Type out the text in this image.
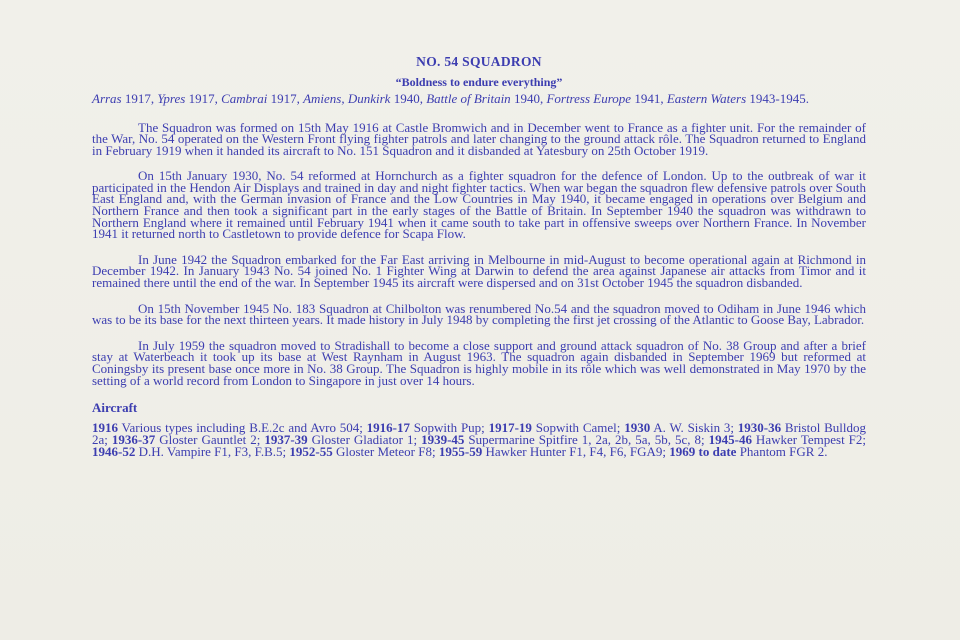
NO. 54 SQUADRON
“Boldness to endure everything”
Arras 1917, Ypres 1917, Cambrai 1917, Amiens, Dunkirk 1940, Battle of Britain 1940, Fortress Europe 1941, Eastern Waters 1943-1945.

The Squadron was formed on 15th May 1916 at Castle Bromwich and in December went to France as a fighter unit. For the remainder of the War, No. 54 operated on the Western Front flying fighter patrols and later changing to the ground attack rôle. The Squadron returned to England in February 1919 when it handed its aircraft to No. 151 Squadron and it disbanded at Yatesbury on 25th October 1919.

On 15th January 1930, No. 54 reformed at Hornchurch as a fighter squadron for the defence of London. Up to the outbreak of war it participated in the Hendon Air Displays and trained in day and night fighter tactics. When war began the squadron flew defensive patrols over South East England and, with the German invasion of France and the Low Countries in May 1940, it became engaged in operations over Belgium and Northern France and then took a significant part in the early stages of the Battle of Britain. In September 1940 the squadron was withdrawn to Northern England where it remained until February 1941 when it came south to take part in offensive sweeps over Northern France. In November 1941 it returned north to Castletown to provide defence for Scapa Flow.

In June 1942 the Squadron embarked for the Far East arriving in Melbourne in mid-August to become operational again at Richmond in December 1942. In January 1943 No. 54 joined No. 1 Fighter Wing at Darwin to defend the area against Japanese air attacks from Timor and it remained there until the end of the war. In September 1945 its aircraft were dispersed and on 31st October 1945 the squadron disbanded.

On 15th November 1945 No. 183 Squadron at Chilbolton was renumbered No.54 and the squadron moved to Odiham in June 1946 which was to be its base for the next thirteen years. It made history in July 1948 by completing the first jet crossing of the Atlantic to Goose Bay, Labrador.

In July 1959 the squadron moved to Stradishall to become a close support and ground attack squadron of No. 38 Group and after a brief stay at Waterbeach it took up its base at West Raynham in August 1963. The squadron again disbanded in September 1969 but reformed at Coningsby its present base once more in No. 38 Group. The Squadron is highly mobile in its rôle which was well demonstrated in May 1970 by the setting of a world record from London to Singapore in just over 14 hours.

Aircraft

1916 Various types including B.E.2c and Avro 504; 1916-17 Sopwith Pup; 1917-19 Sopwith Camel; 1930 A. W. Siskin 3; 1930-36 Bristol Bulldog 2a; 1936-37 Gloster Gauntlet 2; 1937-39 Gloster Gladiator 1; 1939-45 Supermarine Spitfire 1, 2a, 2b, 5a, 5b, 5c, 8; 1945-46 Hawker Tempest F2; 1946-52 D.H. Vampire F1, F3, F.B.5; 1952-55 Gloster Meteor F8; 1955-59 Hawker Hunter F1, F4, F6, FGA9; 1969 to date Phantom FGR 2.
